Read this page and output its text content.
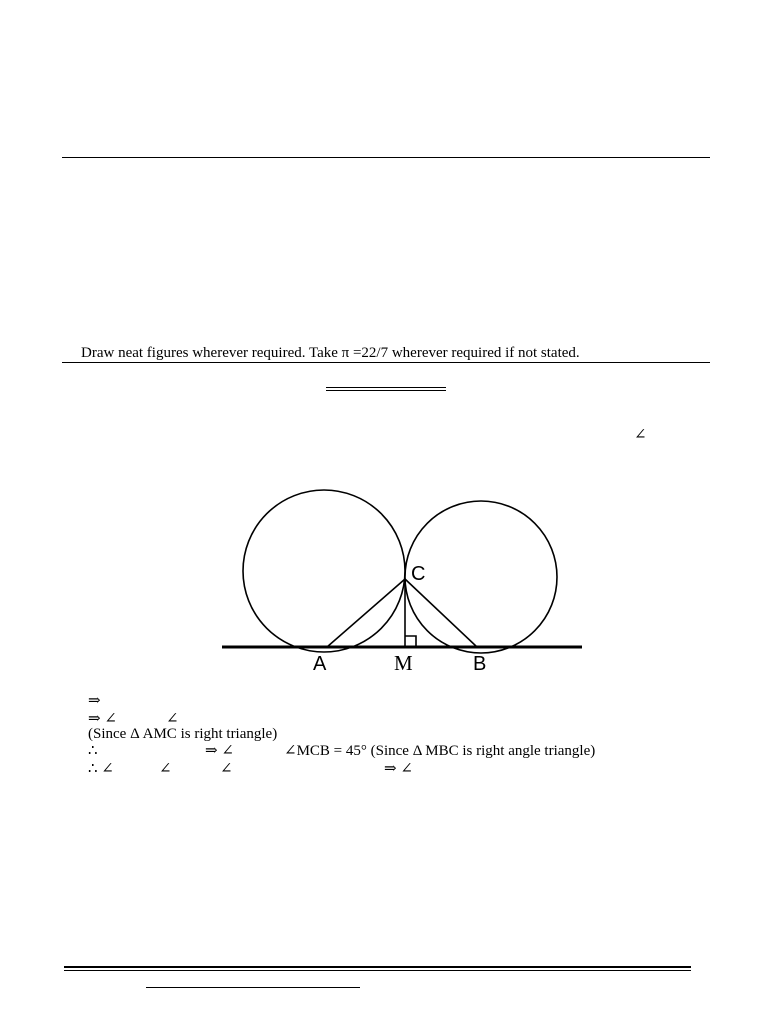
Draw neat figures wherever required. Take π =22/7 wherever required if not stated.
∠
C
A	M	B
⇒
⇒ ∠	∠
(Since Δ AMC is right triangle)
∴	⇒ ∠	∠MCB = 45° (Since Δ MBC is right angle triangle)
∴ ∠	∠	∠	⇒ ∠
